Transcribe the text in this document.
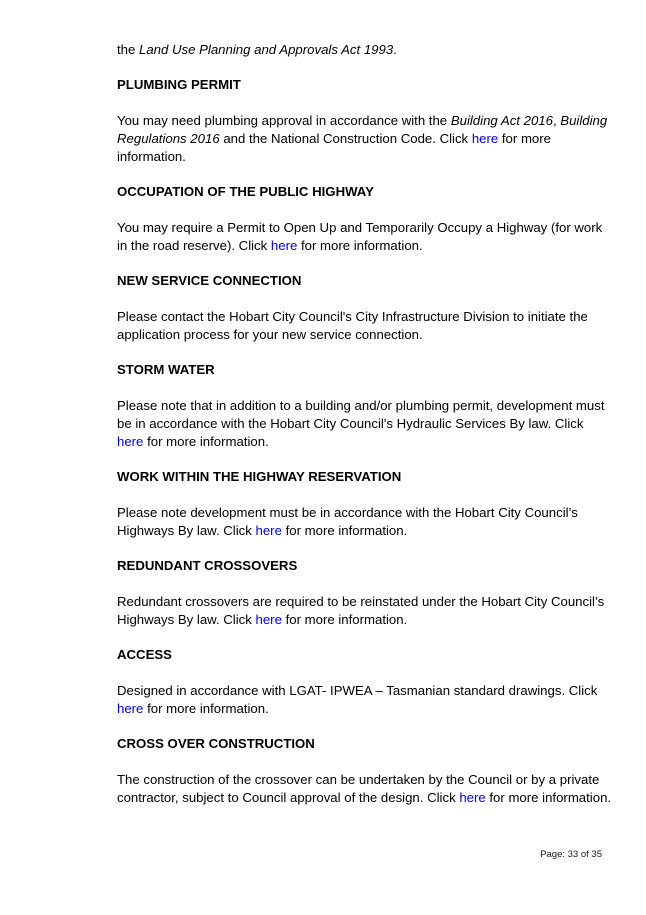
the Land Use Planning and Approvals Act 1993.

PLUMBING PERMIT

You may need plumbing approval in accordance with the Building Act 2016, Building Regulations 2016 and the National Construction Code. Click here for more information.

OCCUPATION OF THE PUBLIC HIGHWAY

You may require a Permit to Open Up and Temporarily Occupy a Highway (for work in the road reserve). Click here for more information.

NEW SERVICE CONNECTION

Please contact the Hobart City Council's City Infrastructure Division to initiate the application process for your new service connection.

STORM WATER

Please note that in addition to a building and/or plumbing permit, development must be in accordance with the Hobart City Council's Hydraulic Services By law. Click here for more information.

WORK WITHIN THE HIGHWAY RESERVATION

Please note development must be in accordance with the Hobart City Council’s Highways By law. Click here for more information.

REDUNDANT CROSSOVERS

Redundant crossovers are required to be reinstated under the Hobart City Council’s Highways By law. Click here for more information.

ACCESS

Designed in accordance with LGAT- IPWEA – Tasmanian standard drawings. Click here for more information.

CROSS OVER CONSTRUCTION

The construction of the crossover can be undertaken by the Council or by a private contractor, subject to Council approval of the design. Click here for more information.

Page: 33 of 35
